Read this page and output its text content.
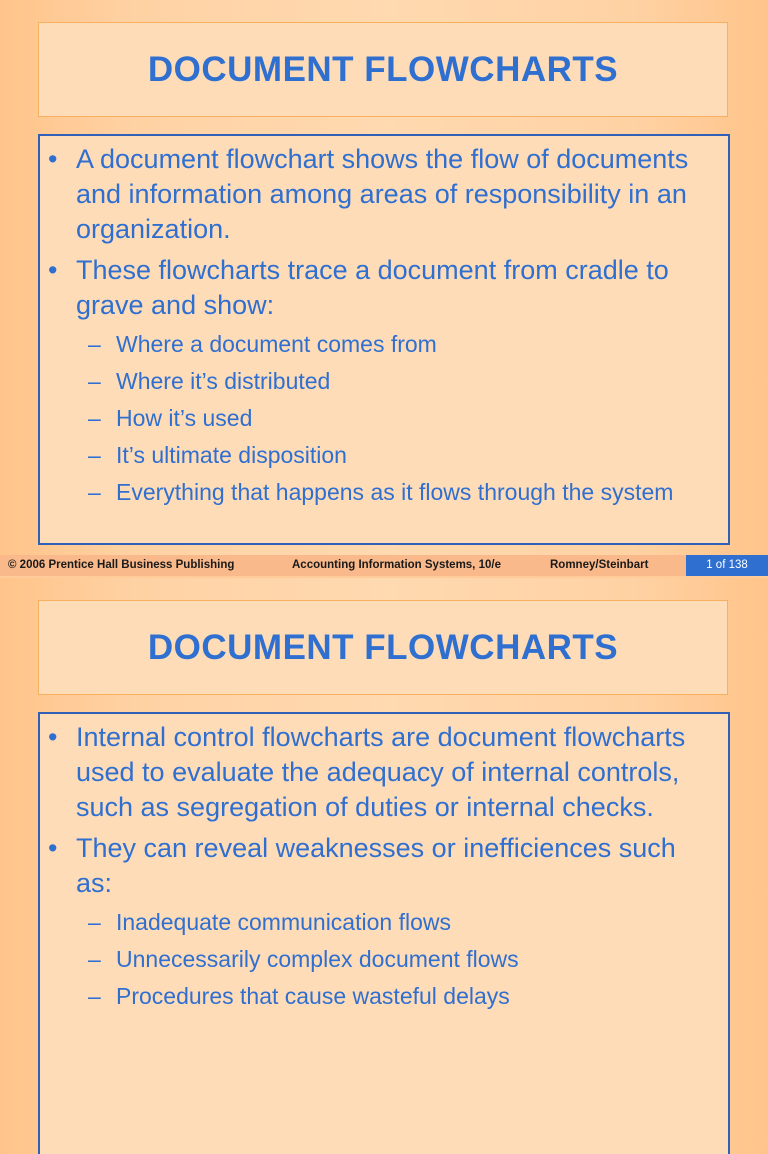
DOCUMENT FLOWCHARTS
• A document flowchart shows the flow of documents and information among areas of responsibility in an organization.
• These flowcharts trace a document from cradle to grave and show:
– Where a document comes from
– Where it’s distributed
– How it’s used
– It’s ultimate disposition
– Everything that happens as it flows through the system
© 2006 Prentice Hall Business Publishing	Accounting Information Systems, 10/e	Romney/Steinbart	1 of 138
DOCUMENT FLOWCHARTS
• Internal control flowcharts are document flowcharts used to evaluate the adequacy of internal controls, such as segregation of duties or internal checks.
• They can reveal weaknesses or inefficiences such as:
– Inadequate communication flows
– Unnecessarily complex document flows
– Procedures that cause wasteful delays
